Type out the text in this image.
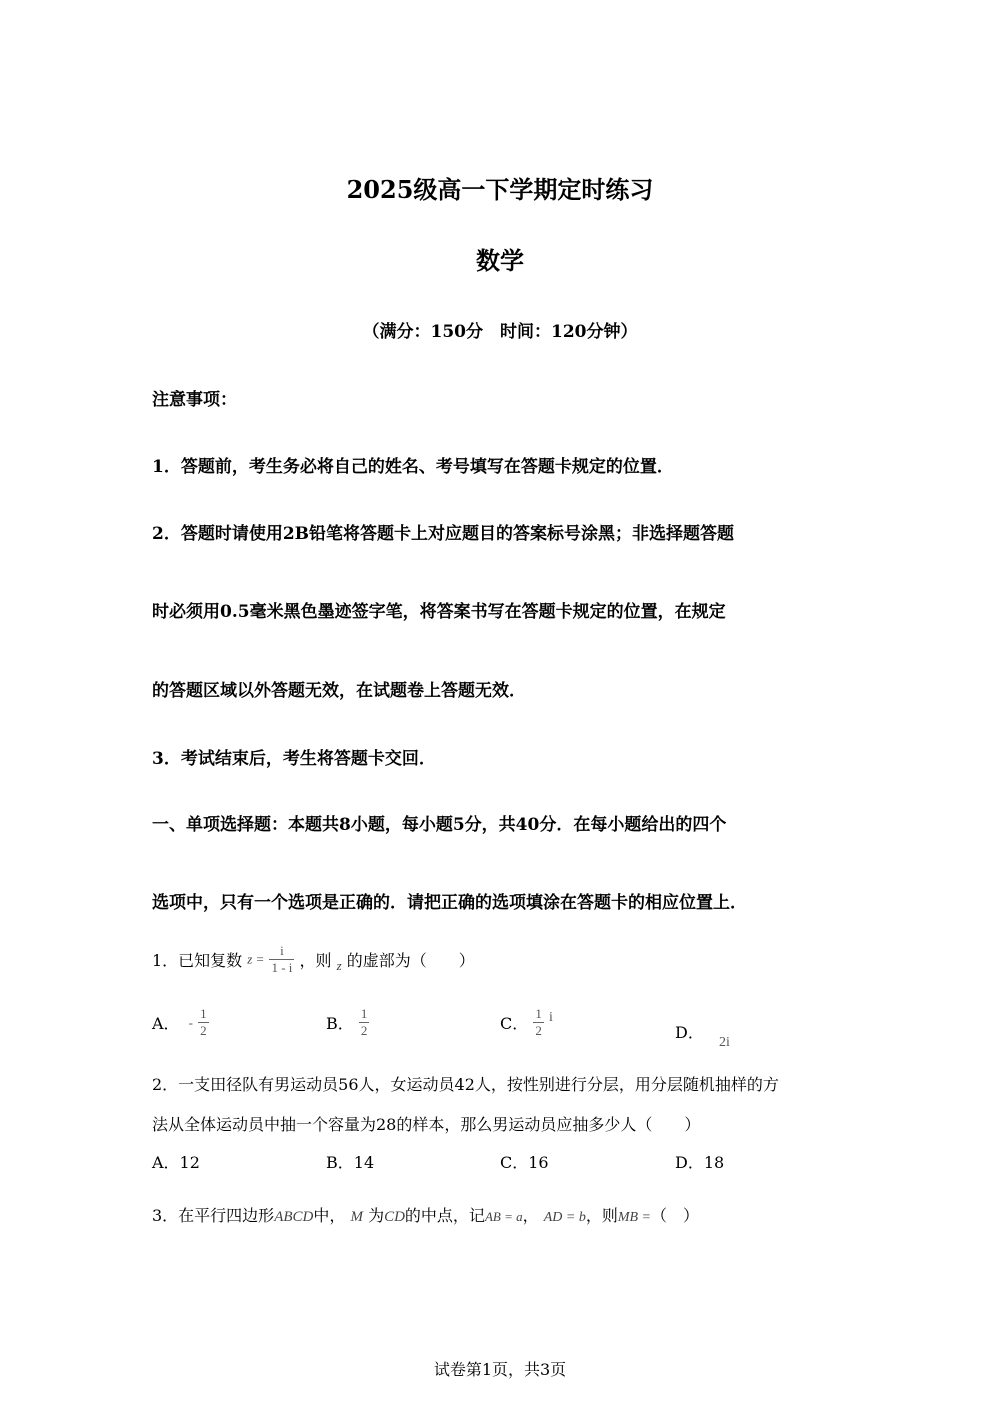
2025级高一下学期定时练习
数学
（满分：150分　时间：120分钟）
注意事项：
1．答题前，考生务必将自己的姓名、考号填写在答题卡规定的位置．
2．答题时请使用2B铅笔将答题卡上对应题目的答案标号涂黑；非选择题答题
时必须用0.5毫米黑色墨迹签字笔，将答案书写在答题卡规定的位置，在规定
的答题区域以外答题无效，在试题卷上答题无效．
3．考试结束后，考生将答题卡交回．
一、单项选择题：本题共8小题，每小题5分，共40分．在每小题给出的四个
选项中，只有一个选项是正确的．请把正确的选项填涂在答题卡的相应位置上．
1．已知复数 $z = \frac{i}{1 - i}$ ，则 $_z$ 的虚部为（　　）
A． - $\frac{1}{2}$	B． $\frac{1}{2}$	C． $\frac{1}{2}$ i
D． 2i
2．一支田径队有男运动员56人，女运动员42人，按性别进行分层，用分层随机抽样的方
法从全体运动员中抽一个容量为28的样本，那么男运动员应抽多少人（　　）
A．12	B．14	C．16	D．18
3．在平行四边形ABCD中， M 为CD的中点，记AB = a， AD = b，则MB =（　）
试卷第1页，共3页
